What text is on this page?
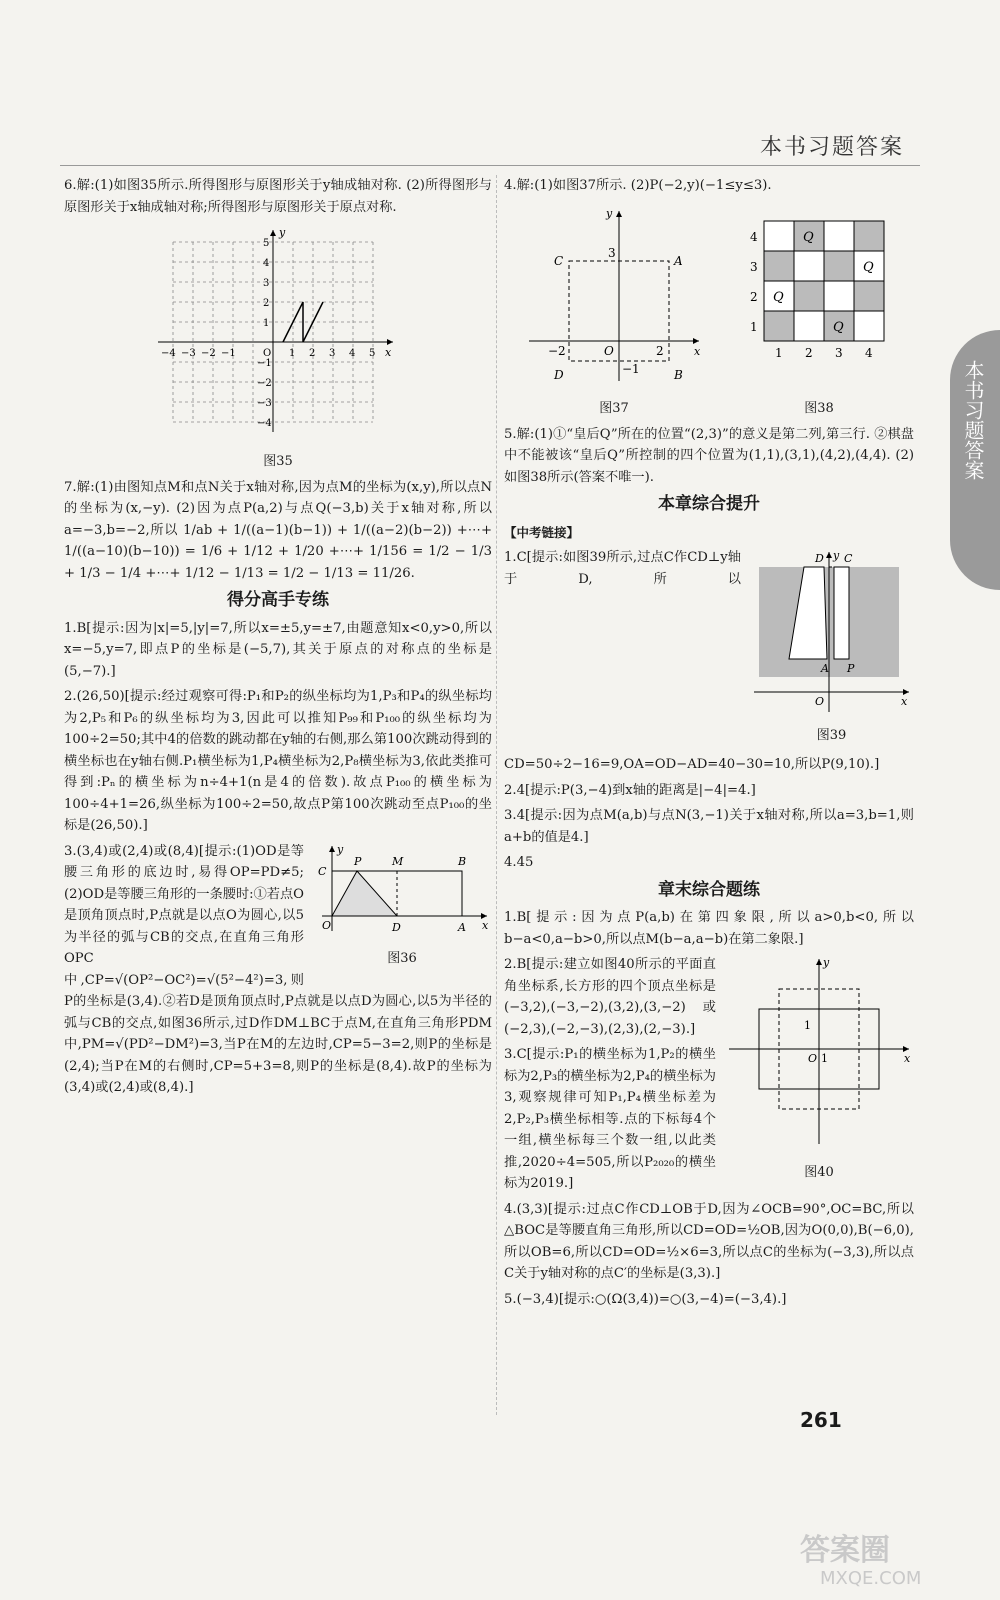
本书习题答案
本书习题答案

6.解:(1)如图35所示.所得图形与原图形关于y轴成轴对称. (2)所得图形与原图形关于x轴成轴对称;所得图形与原图形关于原点对称.

x
y
O 1 2 3 4 5
−4 −3 −2 −1
5
4
3
2
1
−1
−2
−3
−4

图35

7.解:(1)由图知点M和点N关于x轴对称,因为点M的坐标为(x,y),所以点N的坐标为(x,−y). (2)因为点P(a,2)与点Q(−3,b)关于x轴对称,所以a=−3,b=−2,所以 1/ab + 1/((a−1)(b−1)) + 1/((a−2)(b−2)) +⋯+ 1/((a−10)(b−10)) = 1/6 + 1/12 + 1/20 +⋯+ 1/156 = 1/2 − 1/3 + 1/3 − 1/4 +⋯+ 1/12 − 1/13 = 1/2 − 1/13 = 11/26.

得分高手专练

1.B[提示:因为|x|=5,|y|=7,所以x=±5,y=±7,由题意知x<0,y>0,所以x=−5,y=7,即点P的坐标是(−5,7),其关于原点的对称点的坐标是(5,−7).]

2.(26,50)[提示:经过观察可得:P₁和P₂的纵坐标均为1,P₃和P₄的纵坐标均为2,P₅和P₆的纵坐标均为3,因此可以推知P₉₉和P₁₀₀的纵坐标均为100÷2=50;其中4的倍数的跳动都在y轴的右侧,那么第100次跳动得到的横坐标也在y轴右侧.P₁横坐标为1,P₄横坐标为2,P₈横坐标为3,依此类推可得到:Pₙ的横坐标为n÷4+1(n是4的倍数).故点P₁₀₀的横坐标为100÷4+1=26,纵坐标为100÷2=50,故点P第100次跳动至点P₁₀₀的坐标是(26,50).]

C
P	M	B
O	D	A x
y

图36

3.(3,4)或(2,4)或(8,4)[提示:(1)OD是等腰三角形的底边时,易得OP=PD≠5;(2)OD是等腰三角形的一条腰时:①若点O是顶角顶点时,P点就是以点O为圆心,以5为半径的弧与CB的交点,在直角三角形OPC中,CP=√(OP²−OC²)=√(5²−4²)=3,则P的坐标是(3,4).②若D是顶角顶点时,P点就是以点D为圆心,以5为半径的弧与CB的交点,如图36所示,过D作DM⊥BC于点M,在直角三角形PDM中,PM=√(PD²−DM²)=3,当P在M的左边时,CP=5−3=2,则P的坐标是(2,4);当P在M的右侧时,CP=5+3=8,则P的坐标是(8,4).故P的坐标为(3,4)或(2,4)或(8,4).]

4.解:(1)如图37所示. (2)P(−2,y)(−1≤y≤3).

C	A
D	B
3
O
−2	2
−1
x
y

图37

Q
Q
Q
Q
4
3
2
1
1 2 3 4

图38

5.解:(1)①“皇后Q”所在的位置“(2,3)”的意义是第二列,第三行. ②棋盘中不能被该“皇后Q”所控制的四个位置为(1,1),(3,1),(4,2),(4,4). (2)如图38所示(答案不唯一).

本章综合提升

【中考链接】

D C
y
A P
O	x

图39

1.C[提示:如图39所示,过点C作CD⊥y轴于D,所以CD=50÷2−16=9,OA=OD−AD=40−30=10,所以P(9,10).]

2.4[提示:P(3,−4)到x轴的距离是|−4|=4.]

3.4[提示:因为点M(a,b)与点N(3,−1)关于x轴对称,所以a=3,b=1,则a+b的值是4.]

4.45

章末综合题练

1.B[提示:因为点P(a,b)在第四象限,所以a>0,b<0,所以b−a<0,a−b>0,所以点M(b−a,a−b)在第二象限.]

1
O 1	x
y

图40

2.B[提示:建立如图40所示的平面直角坐标系,长方形的四个顶点坐标是(−3,2),(−3,−2),(3,2),(3,−2)或(−2,3),(−2,−3),(2,3),(2,−3).]

3.C[提示:P₁的横坐标为1,P₂的横坐标为2,P₃的横坐标为2,P₄的横坐标为3,观察规律可知P₁,P₄横坐标差为2,P₂,P₃横坐标相等.点的下标每4个一组,横坐标每三个数一组,以此类推,2020÷4=505,所以P₂₀₂₀的横坐标为2019.]

4.(3,3)[提示:过点C作CD⊥OB于D,因为∠OCB=90°,OC=BC,所以△BOC是等腰直角三角形,所以CD=OD=½OB,因为O(0,0),B(−6,0),所以OB=6,所以CD=OD=½×6=3,所以点C的坐标为(−3,3),所以点C关于y轴对称的点C′的坐标是(3,3).]

5.(−3,4)[提示:○(Ω(3,4))=○(3,−4)=(−3,4).]

261
答案圈
MXQE.COM
